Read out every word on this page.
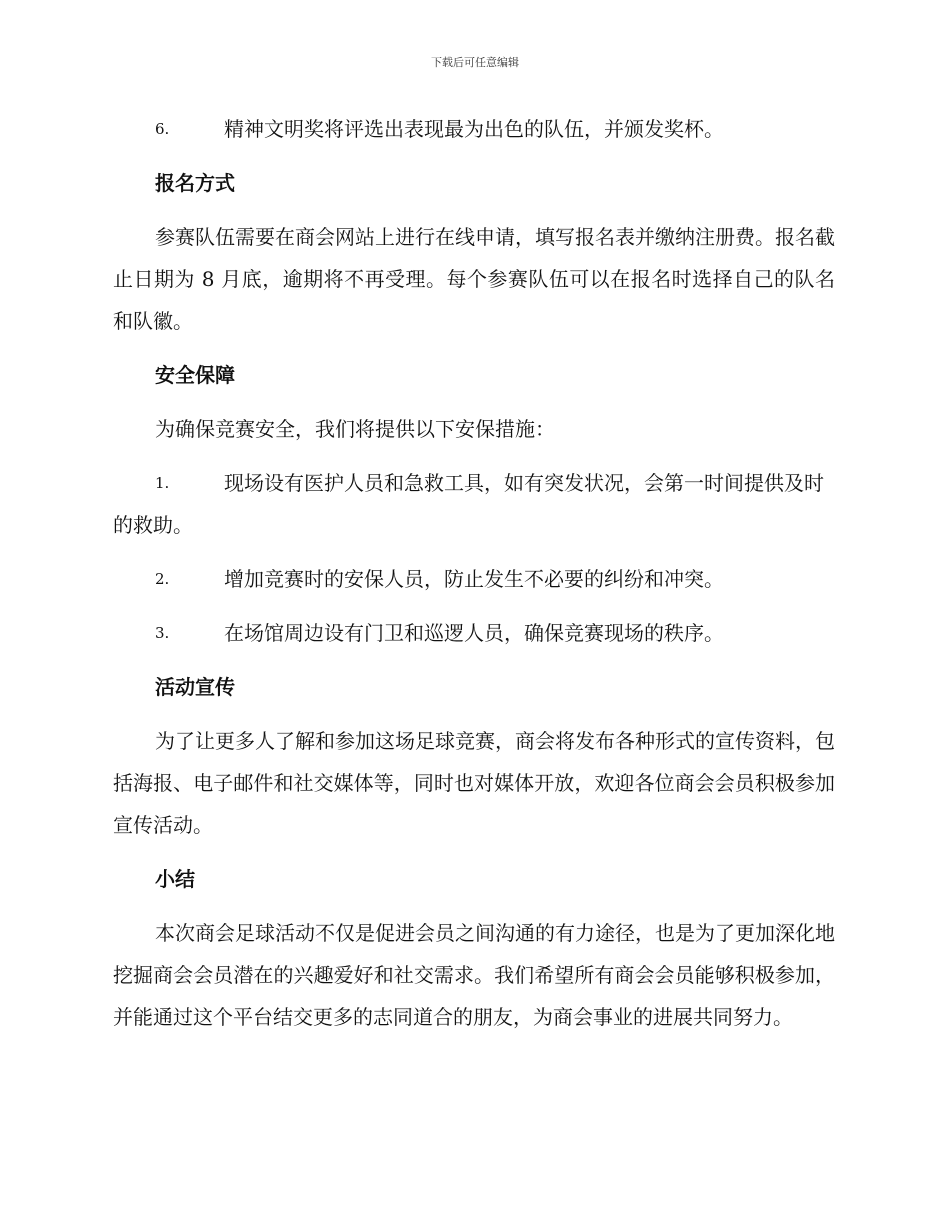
下载后可任意编辑
6.	精神文明奖将评选出表现最为出色的队伍，并颁发奖杯。
报名方式
参赛队伍需要在商会网站上进行在线申请，填写报名表并缴纳注册费。报名截止日期为 8 月底，逾期将不再受理。每个参赛队伍可以在报名时选择自己的队名和队徽。
安全保障
为确保竞赛安全，我们将提供以下安保措施：
1.	现场设有医护人员和急救工具，如有突发状况，会第一时间提供及时的救助。
2.	增加竞赛时的安保人员，防止发生不必要的纠纷和冲突。
3.	在场馆周边设有门卫和巡逻人员，确保竞赛现场的秩序。
活动宣传
为了让更多人了解和参加这场足球竞赛，商会将发布各种形式的宣传资料，包括海报、电子邮件和社交媒体等，同时也对媒体开放，欢迎各位商会会员积极参加宣传活动。
小结
本次商会足球活动不仅是促进会员之间沟通的有力途径，也是为了更加深化地挖掘商会会员潜在的兴趣爱好和社交需求。我们希望所有商会会员能够积极参加，并能通过这个平台结交更多的志同道合的朋友，为商会事业的进展共同努力。
